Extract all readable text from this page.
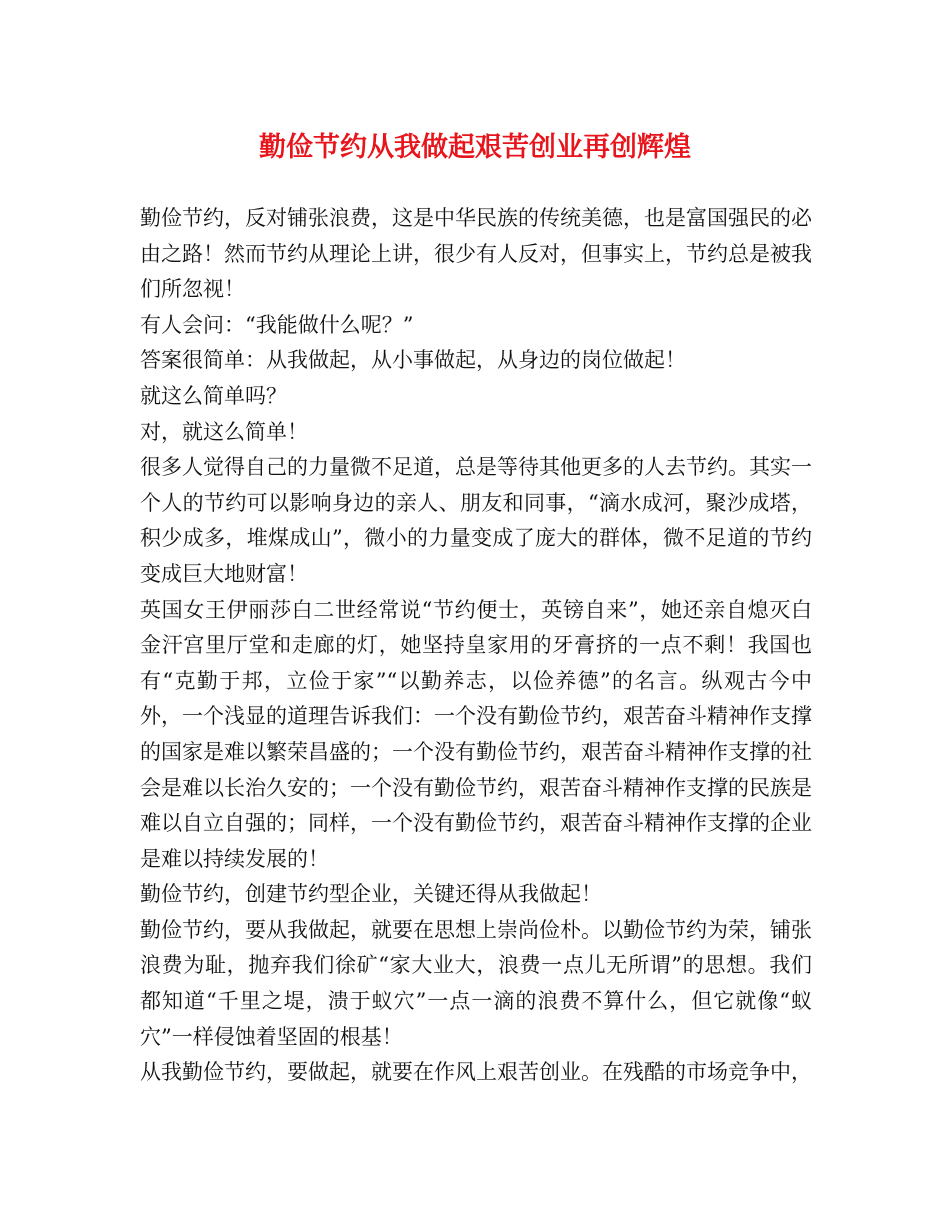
勤俭节约从我做起艰苦创业再创辉煌

勤俭节约，反对铺张浪费，这是中华民族的传统美德，也是富国强民的必由之路！然而节约从理论上讲，很少有人反对，但事实上，节约总是被我们所忽视！

有人会问：“我能做什么呢？”

答案很简单：从我做起，从小事做起，从身边的岗位做起！

就这么简单吗？

对，就这么简单！

很多人觉得自己的力量微不足道，总是等待其他更多的人去节约。其实一个人的节约可以影响身边的亲人、朋友和同事，“滴水成河，聚沙成塔，积少成多，堆煤成山”，微小的力量变成了庞大的群体，微不足道的节约变成巨大地财富！

英国女王伊丽莎白二世经常说“节约便士，英镑自来”，她还亲自熄灭白金汗宫里厅堂和走廊的灯，她坚持皇家用的牙膏挤的一点不剩！我国也有“克勤于邦，立俭于家”“以勤养志，以俭养德”的名言。纵观古今中外，一个浅显的道理告诉我们：一个没有勤俭节约，艰苦奋斗精神作支撑的国家是难以繁荣昌盛的；一个没有勤俭节约，艰苦奋斗精神作支撑的社会是难以长治久安的；一个没有勤俭节约，艰苦奋斗精神作支撑的民族是难以自立自强的；同样，一个没有勤俭节约，艰苦奋斗精神作支撑的企业是难以持续发展的！

勤俭节约，创建节约型企业，关键还得从我做起！

勤俭节约，要从我做起，就要在思想上崇尚俭朴。以勤俭节约为荣，铺张浪费为耻，抛弃我们徐矿“家大业大，浪费一点儿无所谓”的思想。我们都知道“千里之堤，溃于蚁穴”一点一滴的浪费不算什么，但它就像“蚁穴”一样侵蚀着坚固的根基！

从我勤俭节约，要做起，就要在作风上艰苦创业。在残酷的市场竞争中，
